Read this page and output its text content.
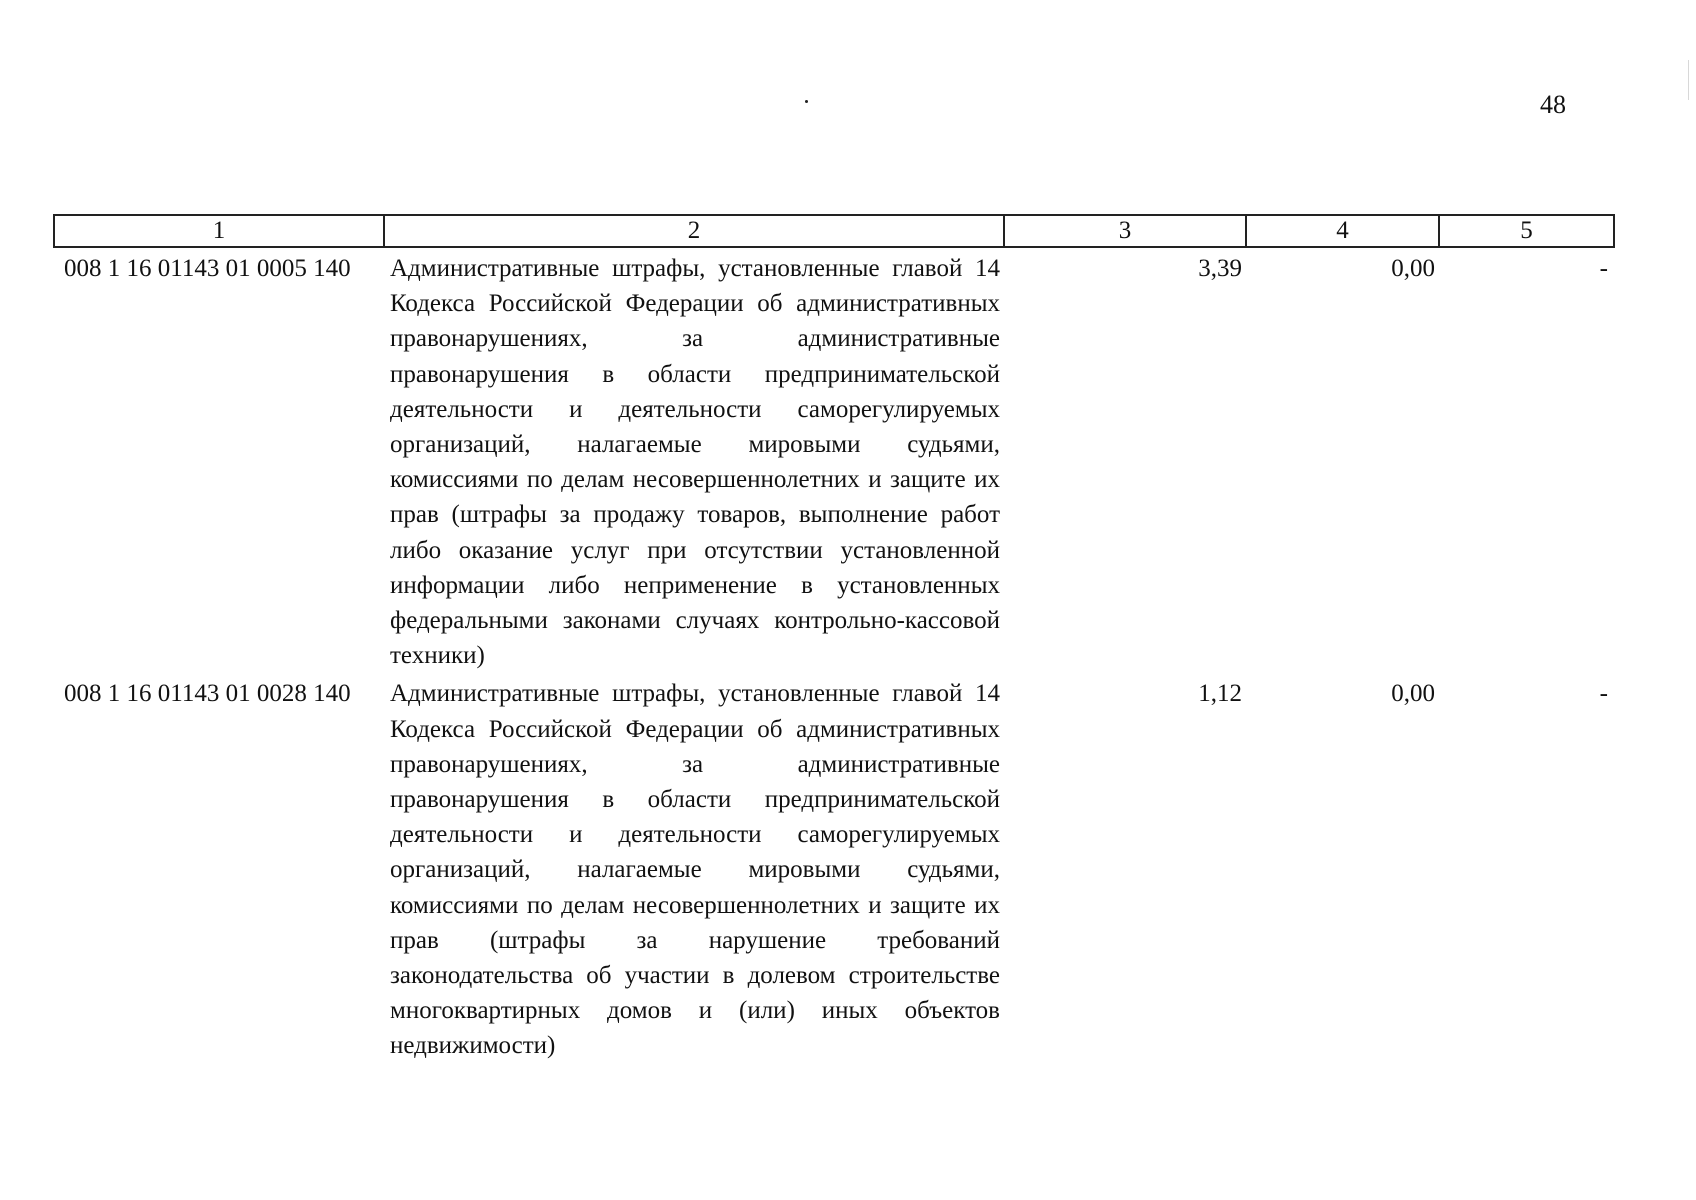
48
1	2	3	4	5
008 1 16 01143 01 0005 140	Административные штрафы, установленные главой 14 Кодекса Российской Федерации об административных правонарушениях, за административные правонарушения в области предпринимательской деятельности и деятельности саморегулируемых организаций, налагаемые мировыми судьями, комиссиями по делам несовершеннолетних и защите их прав (штрафы за продажу товаров, выполнение работ либо оказание услуг при отсутствии установленной информации либо неприменение в установленных федеральными законами случаях контрольно-кассовой техники)	3,39	0,00	-
008 1 16 01143 01 0028 140	Административные штрафы, установленные главой 14 Кодекса Российской Федерации об административных правонарушениях, за административные правонарушения в области предпринимательской деятельности и деятельности саморегулируемых организаций, налагаемые мировыми судьями, комиссиями по делам несовершеннолетних и защите их прав (штрафы за нарушение требований законодательства об участии в долевом строительстве многоквартирных домов и (или) иных объектов недвижимости)	1,12	0,00	-
